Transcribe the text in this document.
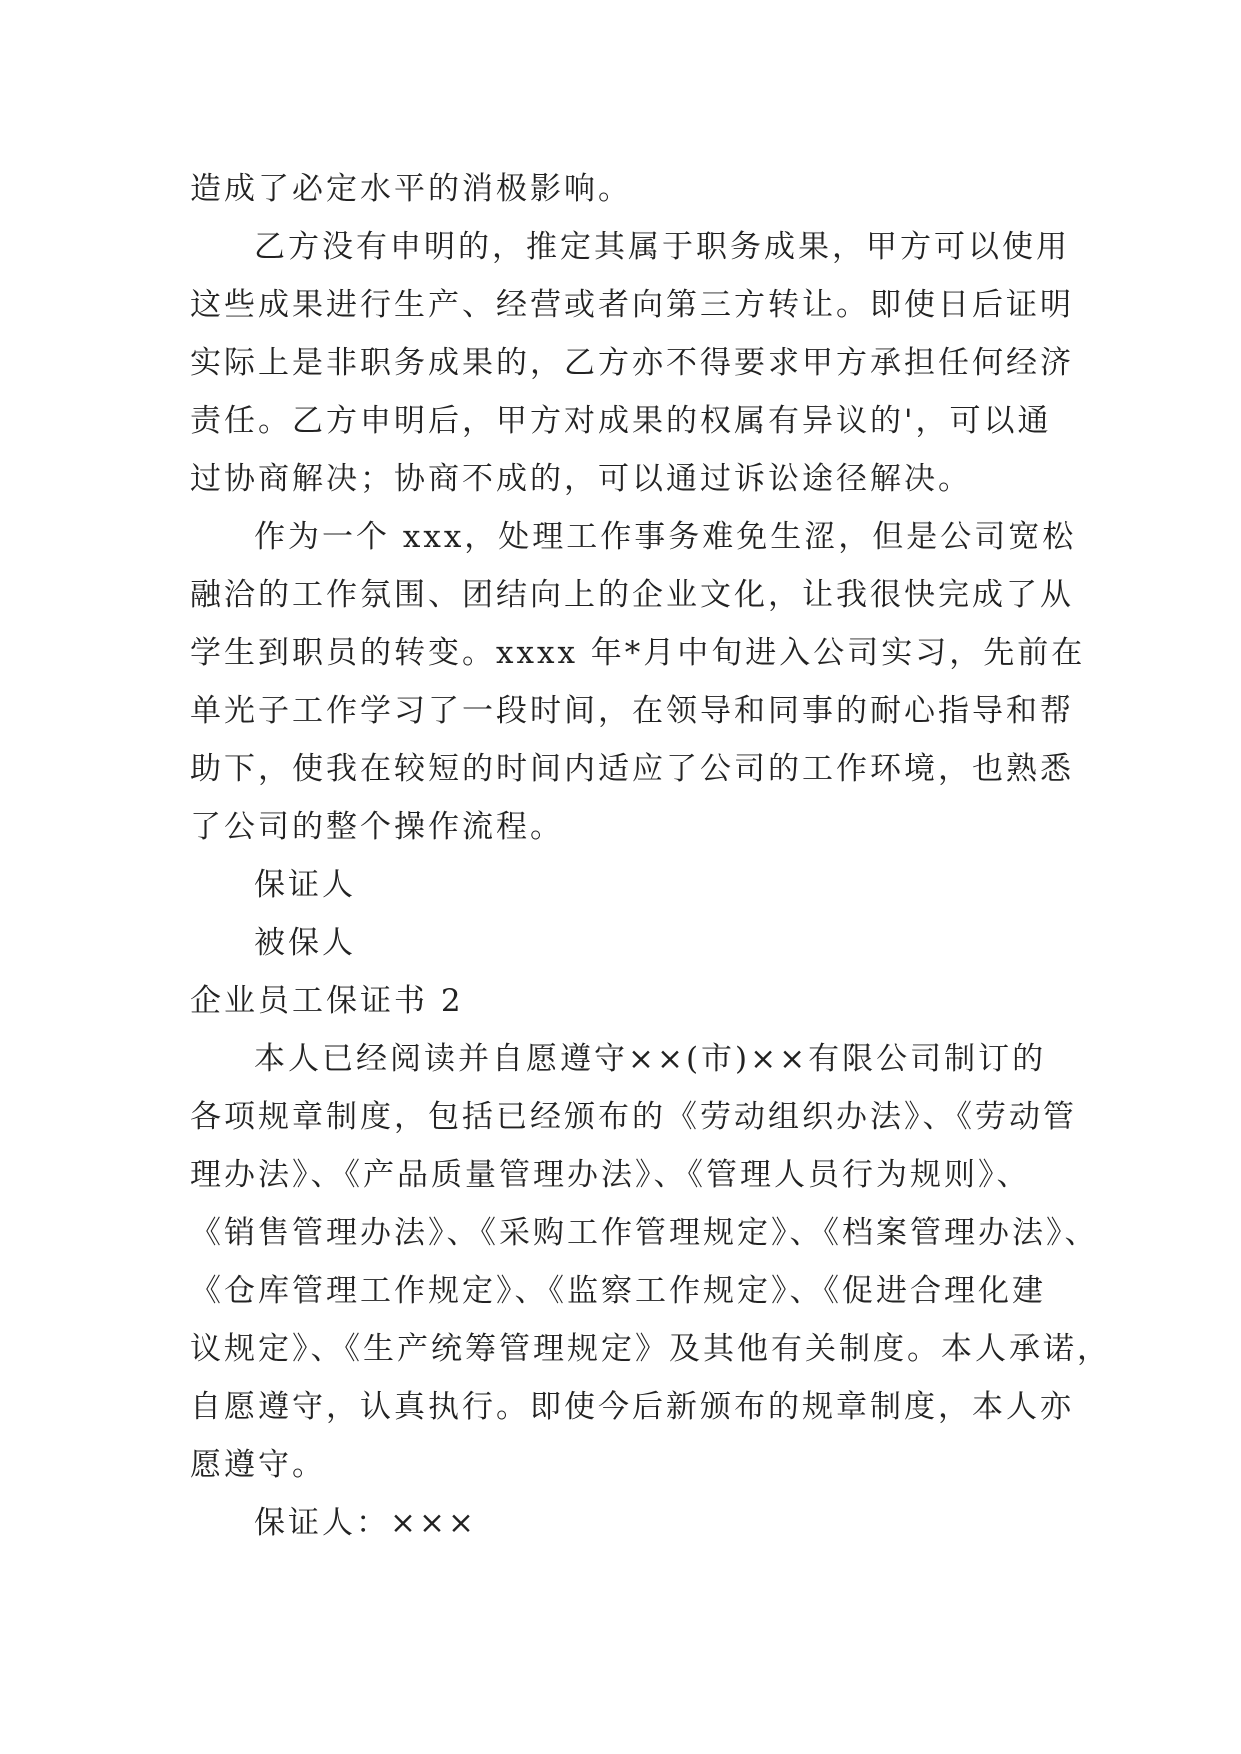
造成了必定水平的消极影响。
乙方没有申明的，推定其属于职务成果，甲方可以使用
这些成果进行生产、经营或者向第三方转让。即使日后证明
实际上是非职务成果的，乙方亦不得要求甲方承担任何经济
责任。乙方申明后，甲方对成果的权属有异议的'，可以通
过协商解决；协商不成的，可以通过诉讼途径解决。
作为一个 xxx，处理工作事务难免生涩，但是公司宽松
融洽的工作氛围、团结向上的企业文化，让我很快完成了从
学生到职员的转变。xxxx 年*月中旬进入公司实习，先前在
单光子工作学习了一段时间，在领导和同事的耐心指导和帮
助下，使我在较短的时间内适应了公司的工作环境，也熟悉
了公司的整个操作流程。
保证人
被保人
企业员工保证书 2
本人已经阅读并自愿遵守××(市)××有限公司制订的
各项规章制度，包括已经颁布的《劳动组织办法》、《劳动管
理办法》、《产品质量管理办法》、《管理人员行为规则》、
《销售管理办法》、《采购工作管理规定》、《档案管理办法》、
《仓库管理工作规定》、《监察工作规定》、《促进合理化建
议规定》、《生产统筹管理规定》及其他有关制度。本人承诺，
自愿遵守，认真执行。即使今后新颁布的规章制度，本人亦
愿遵守。
保证人：×××
